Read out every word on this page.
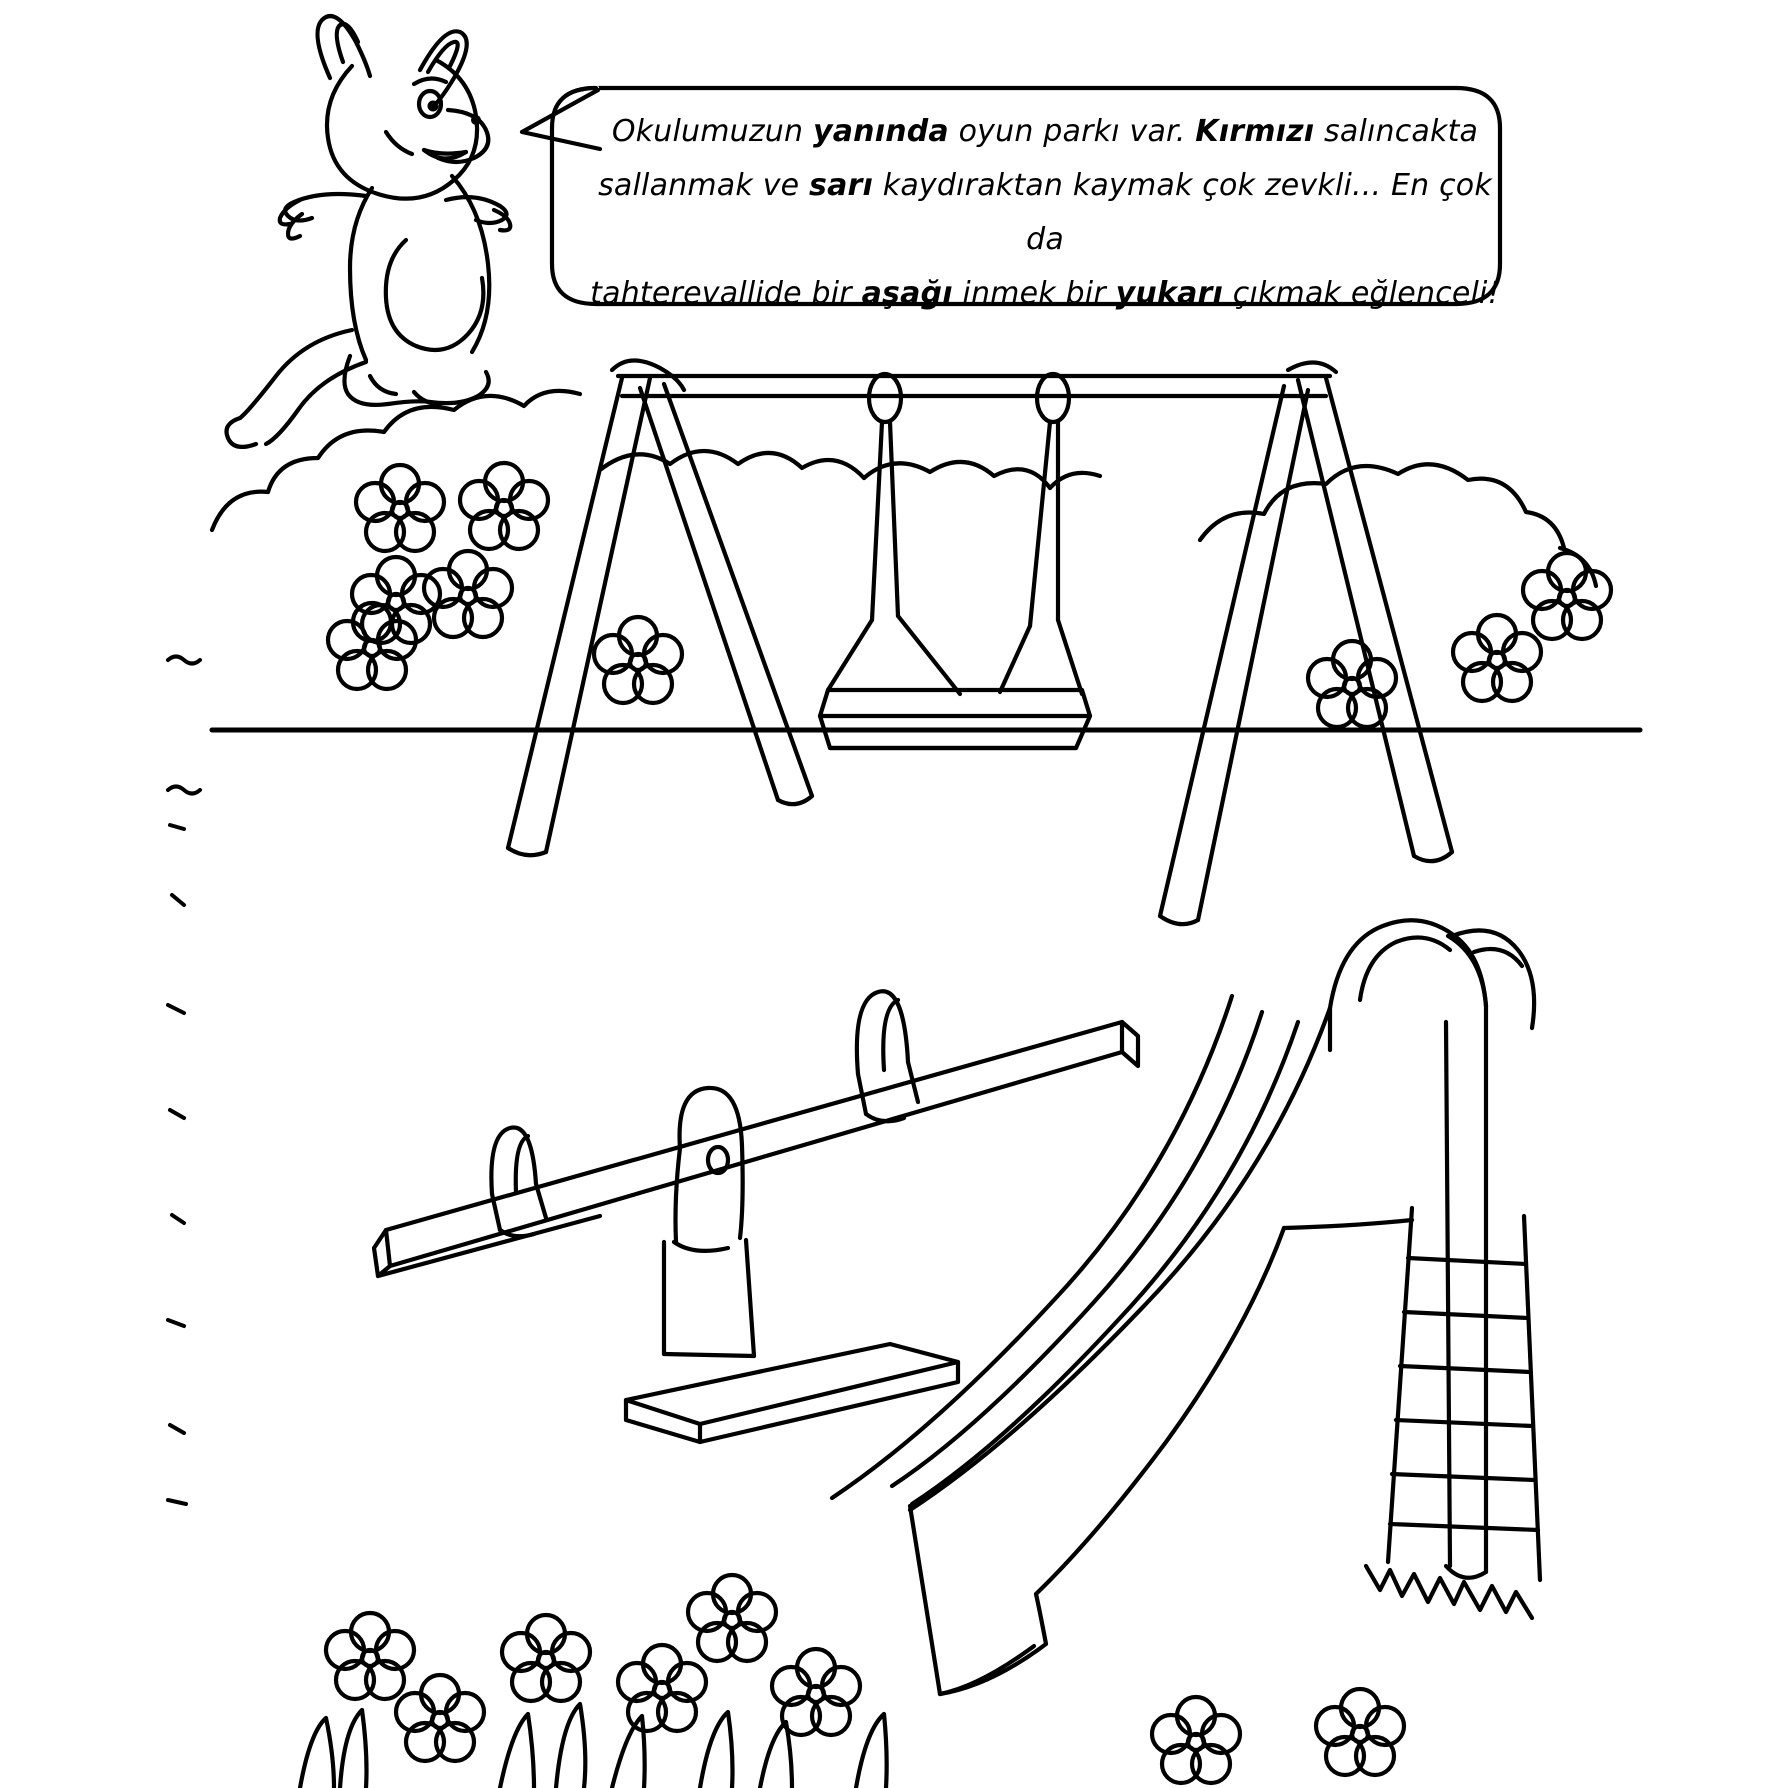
Okulumuzun yanında oyun parkı var. Kırmızı salıncakta
sallanmak ve sarı kaydıraktan kaymak çok zevkli... En çok da
tahterevallide bir aşağı inmek bir yukarı çıkmak eğlenceli!
